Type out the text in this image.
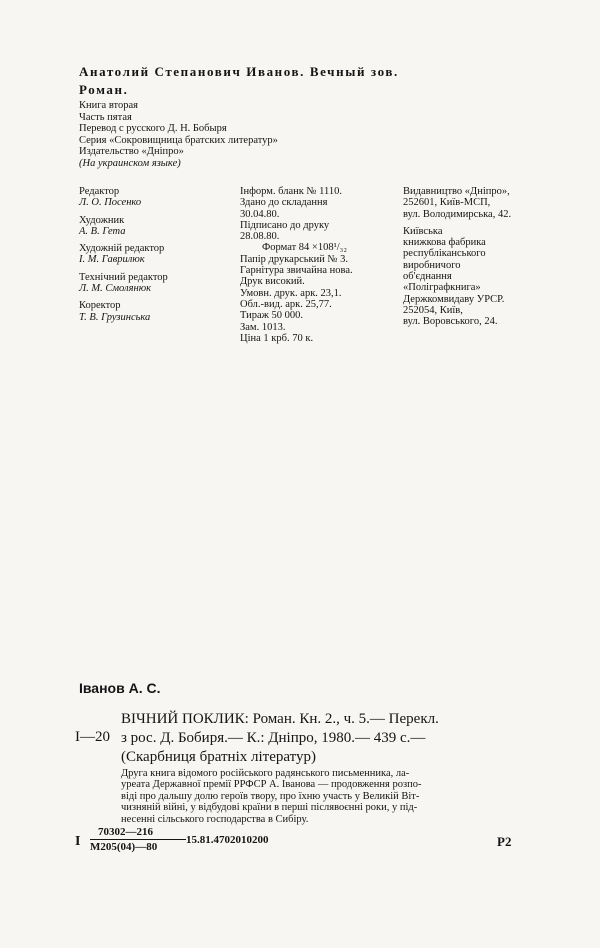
Анатолий Степанович Иванов. Вечный зов.
Роман.
Книга вторая
Часть пятая
Перевод с русского Д. Н. Бобыря
Серия «Сокровищница братских литератур»
Издательство «Днiпро»
(На украинском языке)
Редактор
Л. О. Посенко
Художник
А. В. Гета
Художній редактор
І. М. Гаврилюк
Технічний редактор
Л. М. Смолянюк
Коректор
Т. В. Грузинська
Інформ. бланк № 1110.
Здано до складання
30.04.80.
Підписано до друку
28.08.80.
Формат 84 ×108¹/₃₂
Папір друкарський № 3.
Гарнітура звичайна нова.
Друк високий.
Умовн. друк. арк. 23,1.
Обл.-вид. арк. 25,77.
Тираж 50 000.
Зам. 1013.
Ціна 1 крб. 70 к.
Видавництво «Дніпро»,
252601, Київ-МСП,
вул. Володимирська, 42.
Київська
книжкова фабрика
республіканського
виробничого
об'єднання
«Поліграфкнига»
Держкомвидаву УРСР.
252054, Київ,
вул. Воровського, 24.
Іванов А. С.
І—20
ВІЧНИЙ ПОКЛИК: Роман. Кн. 2., ч. 5.— Перекл.
з рос. Д. Бобиря.— К.: Дніпро, 1980.— 439 с.—
(Скарбниця братніх літератур)
Друга книга відомого російського радянського письменника, ла-
уреата Державної премії РРФСР А. Іванова — продовження розпо-
віді про дальшу долю героїв твору, про їхню участь у Великій Віт-
чизняній війні, у відбудові країни в перші післявоєнні роки, у під-
несенні сільського господарства в Сибіру.
І
70302—216
М205(04)—80
15.81.4702010200	Р2
